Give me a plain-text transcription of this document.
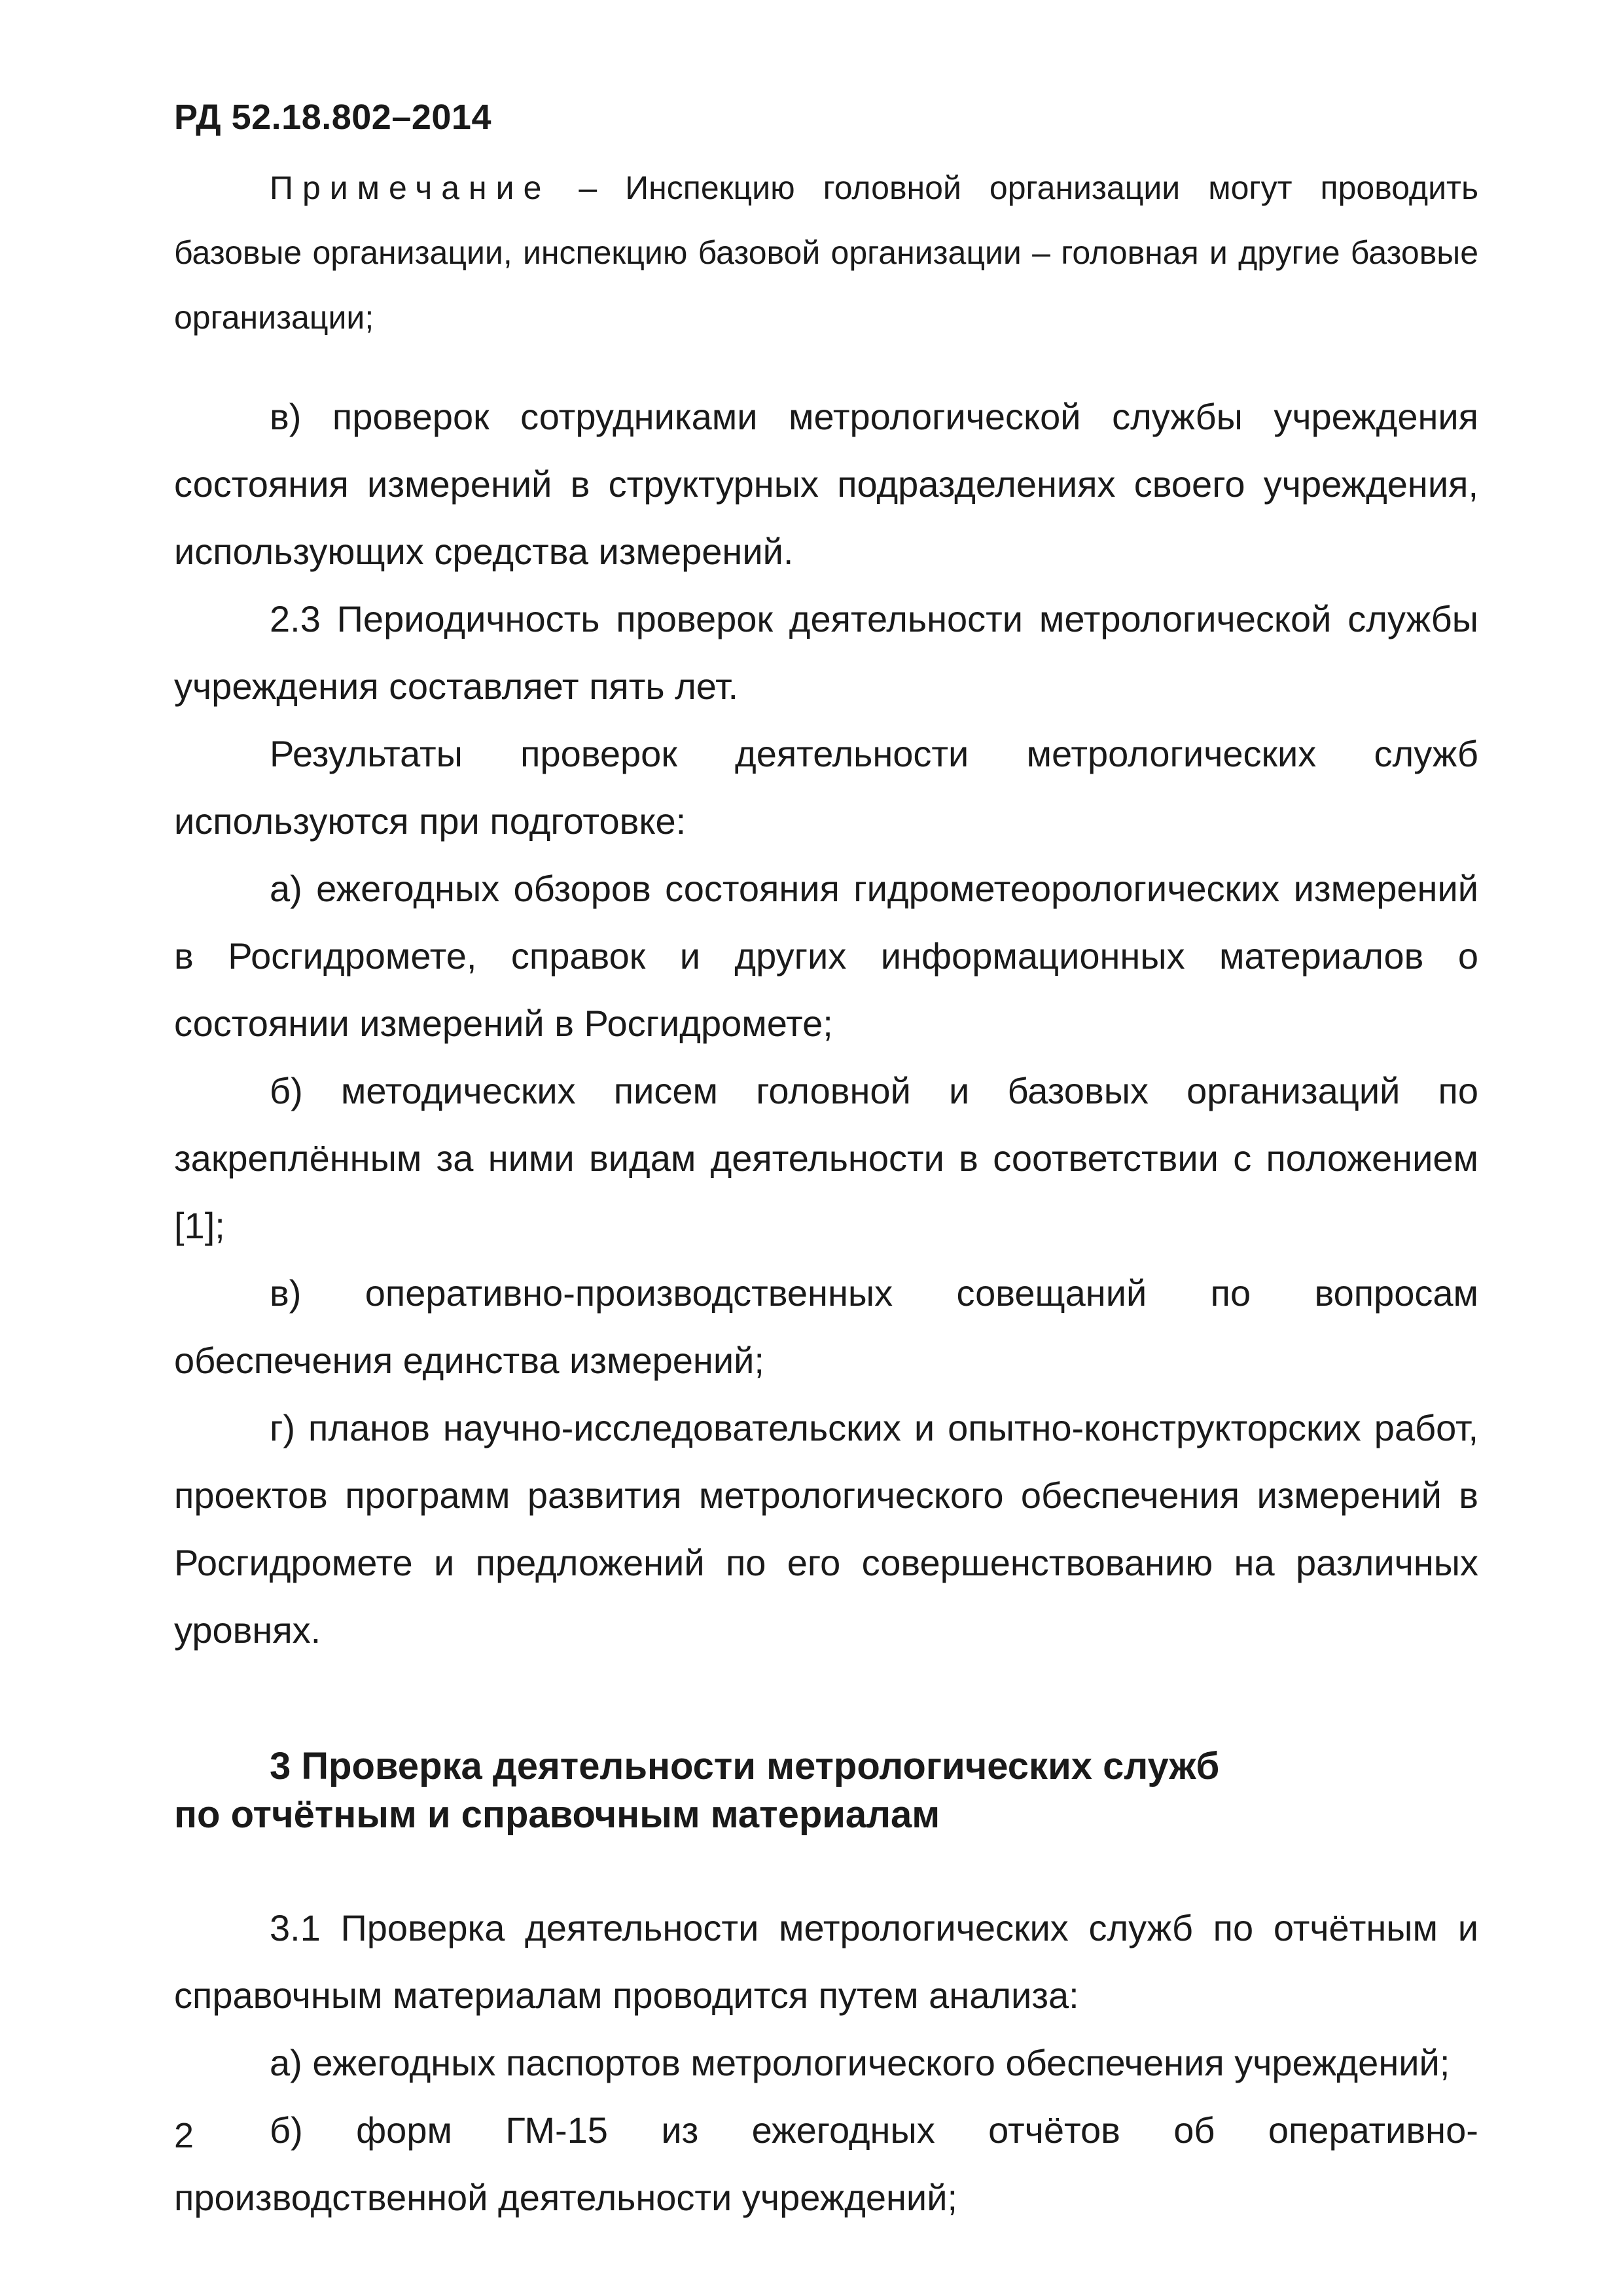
РД 52.18.802–2014

Примечание – Инспекцию головной организации могут проводить базовые организации, инспекцию базовой организации – головная и другие базовые организации;

в) проверок сотрудниками метрологической службы учреждения состояния измерений в структурных подразделениях своего учреждения, использующих средства измерений.

2.3 Периодичность проверок деятельности метрологической службы учреждения составляет пять лет.

Результаты проверок деятельности метрологических служб используются при подготовке:

а) ежегодных обзоров состояния гидрометеорологических измерений в Росгидромете, справок и других информационных материалов о состоянии измерений в Росгидромете;

б) методических писем головной и базовых организаций по закреплённым за ними видам деятельности в соответствии с положением [1];

в) оперативно-производственных совещаний по вопросам обеспечения единства измерений;

г) планов научно-исследовательских и опытно-конструкторских работ, проектов программ развития метрологического обеспечения измерений в Росгидромете и предложений по его совершенствованию на различных уровнях.

3 Проверка деятельности метрологических служб
по отчётным и справочным материалам

3.1 Проверка деятельности метрологических служб по отчётным и справочным материалам проводится путем анализа:

а) ежегодных паспортов метрологического обеспечения учреждений;

б) форм ГМ-15 из ежегодных отчётов об оперативно-

производственной деятельности учреждений;

2
